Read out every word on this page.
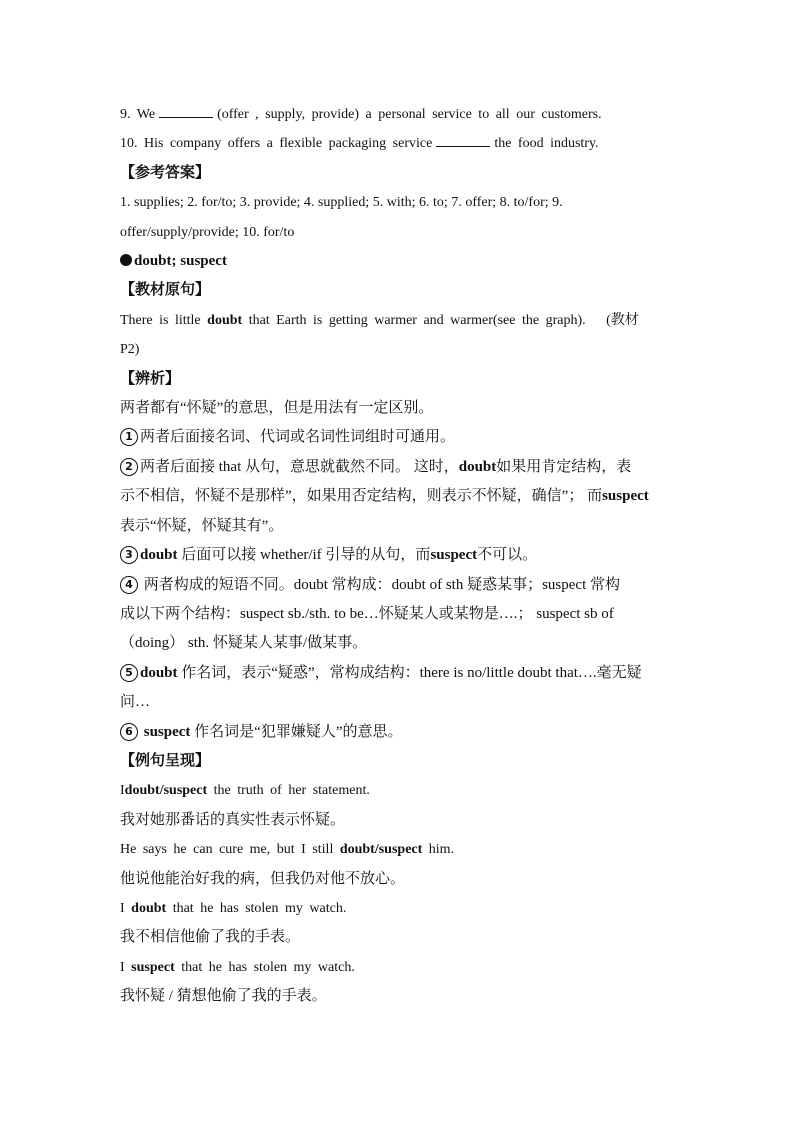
9. We	(offer , supply, provide) a personal service to all our customers.
10. His company offers a flexible packaging service	the food industry.
【参考答案】
1. supplies; 2. for/to; 3. provide; 4. supplied; 5. with; 6. to; 7. offer; 8. to/for; 9.
offer/supply/provide; 10. for/to
doubt; suspect
【教材原句】
There is little doubt that Earth is getting warmer and warmer(see the graph). (教材
P2)
【辨析】
两者都有“怀疑”的意思，但是用法有一定区别。
1 两者后面接名词、代词或名词性词组时可通用。
2 两者后面接 that 从句，意思就截然不同。 这时，doubt如果用肯定结构，表
示不相信，怀疑不是那样”，如果用否定结构，则表示不怀疑，确信”； 而suspect
表示“怀疑，怀疑其有”。
3 doubt 后面可以接 whether/if 引导的从句，而suspect不可以。
4 两者构成的短语不同。doubt 常构成：doubt of sth 疑惑某事；suspect 常构
成以下两个结构：suspect sb./sth. to be…怀疑某人或某物是….； suspect sb of
（doing） sth. 怀疑某人某事/做某事。
5 doubt 作名词，表示“疑惑”，常构成结构：there is no/little doubt that….毫无疑
问…
6 suspect 作名词是“犯罪嫌疑人”的意思。
【例句呈现】
Idoubt/suspect the truth of her statement.
我对她那番话的真实性表示怀疑。
He says he can cure me, but I still doubt/suspect him.
他说他能治好我的病，但我仍对他不放心。
I doubt that he has stolen my watch.
我不相信他偷了我的手表。
I suspect that he has stolen my watch.
我怀疑 / 猜想他偷了我的手表。
